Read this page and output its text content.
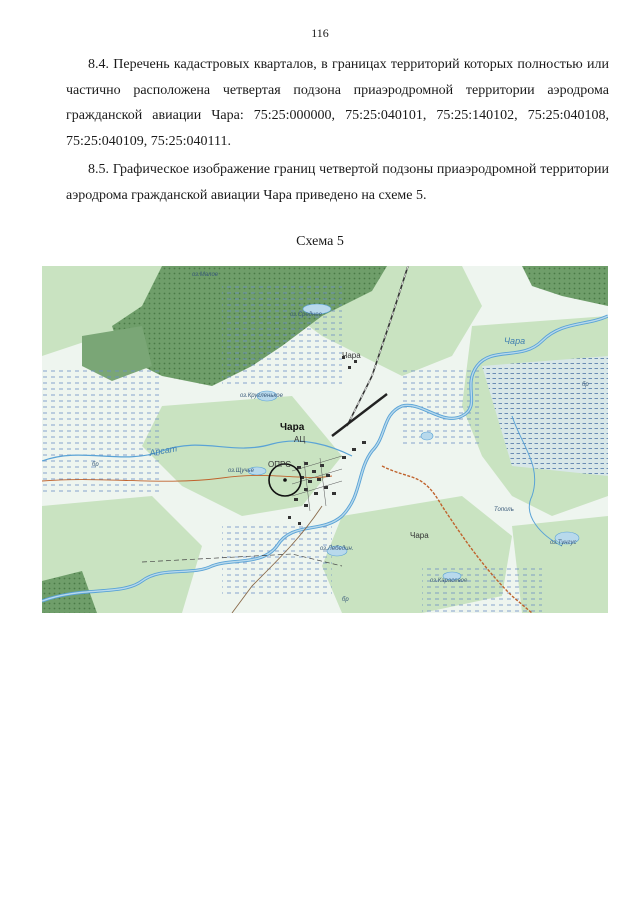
116

8.4. Перечень кадастровых кварталов, в границах территорий которых полностью или частично расположена четвертая подзона приаэродромной территории аэродрома гражданской авиации Чара: 75:25:000000, 75:25:040101, 75:25:140102, 75:25:040108, 75:25:040109, 75:25:040111.

8.5. Графическое изображение границ четвертой подзоны приаэродромной территории аэродрома гражданской авиации Чара приведено на схеме 5.

Схема 5
Чара
Чара
Чара
Чара
ОПРС
АЦ
оз.Среднее
оз.Кругленькое
оз.Щучье
оз.Лебедин.
оз.Карасевое
оз.Тунгус
Апсат
Тополь
оз.Малое
бр
бр
бр
